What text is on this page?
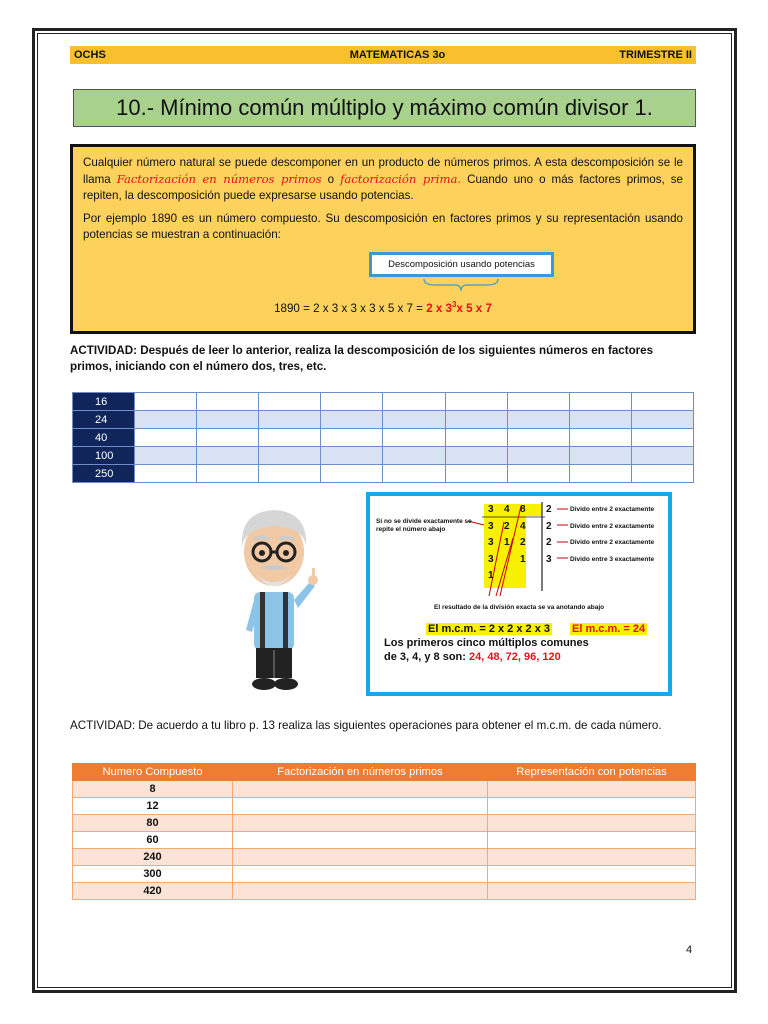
OCHS	MATEMATICAS 3o	TRIMESTRE II
10.- Mínimo común múltiplo y máximo común divisor 1.

Cualquier número natural se puede descomponer en un producto de números primos. A esta descomposición se le llama Factorización en números primos o factorización prima. Cuando uno o más factores primos, se repiten, la descomposición puede expresarse usando potencias.

Por ejemplo 1890 es un número compuesto. Su descomposición en factores primos y su representación usando potencias se muestran a continuación:

Descomposición usando potencias
1890 = 2 x 3 x 3 x 3 x 5 x 7 = 2 x $3^3x$ 5 x 7
ACTIVIDAD: Después de leer lo anterior, realiza la descomposición de los siguientes números en factores primos, iniciando con el número dos, tres, etc.
16									
24									
40									
100									
250									
Si no se divide exactamente se repite el número abajo
3 4 8 2	Divido entre 2 exactamente
3 2 4 2	Divido entre 2 exactamente
3 1 2 2	Divido entre 2 exactamente
3	1 3	Divido entre 3 exactamente
1
El resultado de la división exacta se va anotando abajo
El m.c.m. = 2 x 2 x 2 x 3 El m.c.m. = 24
Los primeros cinco múltiplos comunes
de 3, 4, y 8 son: 24, 48, 72, 96, 120
ACTIVIDAD: De acuerdo a tu libro p. 13 realiza las siguientes operaciones para obtener el m.c.m. de cada número.
Numero Compuesto	Factorización en números primos	Representación con potencias
8		
12		
80		
60		
240		
300		
420		
4
